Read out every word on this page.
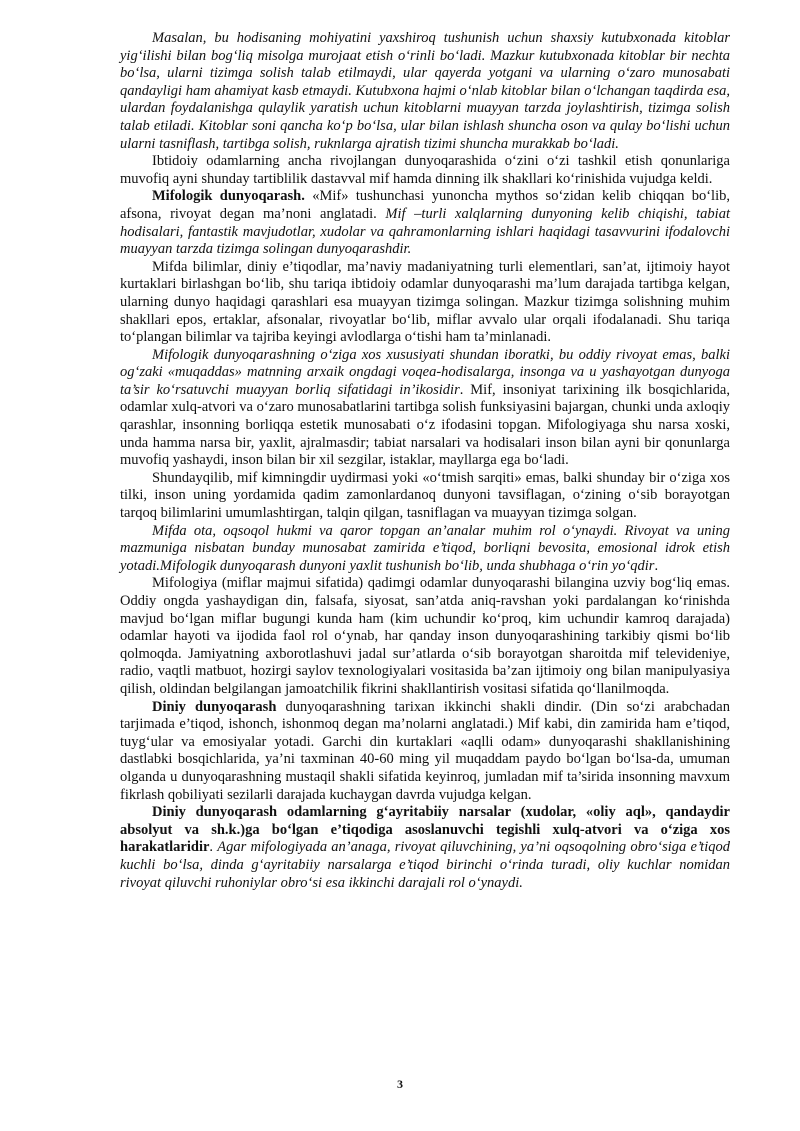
Masalan, bu hodisaning mohiyatini yaxshiroq tushunish uchun shaxsiy kutubxonada kitoblar yig‘ilishi bilan bog‘liq misolga murojaat etish o‘rinli bo‘ladi. Mazkur kutubxonada kitoblar bir nechta bo‘lsa, ularni tizimga solish talab etilmaydi, ular qayerda yotgani va ularning o‘zaro munosabati qandayligi ham ahamiyat kasb etmaydi. Kutubxona hajmi o‘nlab kitoblar bilan o‘lchangan taqdirda esa, ulardan foydalanishga qulaylik yaratish uchun kitoblarni muayyan tarzda joylashtirish, tizimga solish talab etiladi. Kitoblar soni qancha ko‘p bo‘lsa, ular bilan ishlash shuncha oson va qulay bo‘lishi uchun ularni tasniflash, tartibga solish, ruknlarga ajratish tizimi shuncha murakkab bo‘ladi.

Ibtidoiy odamlarning ancha rivojlangan dunyoqarashida o‘zini o‘zi tashkil etish qonunlariga muvofiq ayni shunday tartiblilik dastavval mif hamda dinning ilk shakllari ko‘rinishida vujudga keldi.

Mifologik dunyoqarash. «Mif» tushunchasi yunoncha mythos so‘zidan kelib chiqqan bo‘lib, afsona, rivoyat degan ma’noni anglatadi. Mif –turli xalqlarning dunyoning kelib chiqishi, tabiat hodisalari, fantastik mavjudotlar, xudolar va qahramonlarning ishlari haqidagi tasavvurini ifodalovchi muayyan tarzda tizimga solingan dunyoqarashdir.

Mifda bilimlar, diniy e’tiqodlar, ma’naviy madaniyatning turli elementlari, san’at, ijtimoiy hayot kurtaklari birlashgan bo‘lib, shu tariqa ibtidoiy odamlar dunyoqarashi ma’lum darajada tartibga kelgan, ularning dunyo haqidagi qarashlari esa muayyan tizimga solingan. Mazkur tizimga solishning muhim shakllari epos, ertaklar, afsonalar, rivoyatlar bo‘lib, miflar avvalo ular orqali ifodalanadi. Shu tariqa to‘plangan bilimlar va tajriba keyingi avlodlarga o‘tishi ham ta’minlanadi.

Mifologik dunyoqarashning o‘ziga xos xususiyati shundan iboratki, bu oddiy rivoyat emas, balki og‘zaki «muqaddas» matnning arxaik ongdagi voqea-hodisalarga, insonga va u yashayotgan dunyoga ta’sir ko‘rsatuvchi muayyan borliq sifatidagi in’ikosidir. Mif, insoniyat tarixining ilk bosqichlarida, odamlar xulq-atvori va o‘zaro munosabatlarini tartibga solish funksiyasini bajargan, chunki unda axloqiy qarashlar, insonning borliqqa estetik munosabati o‘z ifodasini topgan. Mifologiyaga shu narsa xoski, unda hamma narsa bir, yaxlit, ajralmasdir; tabiat narsalari va hodisalari inson bilan ayni bir qonunlarga muvofiq yashaydi, inson bilan bir xil sezgilar, istaklar, mayllarga ega bo‘ladi.

Shundayqilib, mif kimningdir uydirmasi yoki «o‘tmish sarqiti» emas, balki shunday bir o‘ziga xos tilki, inson uning yordamida qadim zamonlardanoq dunyoni tavsiflagan, o‘zining o‘sib borayotgan tarqoq bilimlarini umumlashtirgan, talqin qilgan, tasniflagan va muayyan tizimga solgan.

Mifda ota, oqsoqol hukmi va qaror topgan an’analar muhim rol o‘ynaydi. Rivoyat va uning mazmuniga nisbatan bunday munosabat zamirida e’tiqod, borliqni bevosita, emosional idrok etish yotadi.Mifologik dunyoqarash dunyoni yaxlit tushunish bo‘lib, unda shubhaga o‘rin yo‘qdir.

Mifologiya (miflar majmui sifatida) qadimgi odamlar dunyoqarashi bilangina uzviy bog‘liq emas. Oddiy ongda yashaydigan din, falsafa, siyosat, san’atda aniq-ravshan yoki pardalangan ko‘rinishda mavjud bo‘lgan miflar bugungi kunda ham (kim uchundir ko‘proq, kim uchundir kamroq darajada) odamlar hayoti va ijodida faol rol o‘ynab, har qanday inson dunyoqarashining tarkibiy qismi bo‘lib qolmoqda. Jamiyatning axborotlashuvi jadal sur’atlarda o‘sib borayotgan sharoitda mif televideniye, radio, vaqtli matbuot, hozirgi saylov texnologiyalari vositasida ba’zan ijtimoiy ong bilan manipulyasiya qilish, oldindan belgilangan jamoatchilik fikrini shakllantirish vositasi sifatida qo‘llanilmoqda.

Diniy dunyoqarash dunyoqarashning tarixan ikkinchi shakli dindir. (Din so‘zi arabchadan tarjimada e’tiqod, ishonch, ishonmoq degan ma’nolarni anglatadi.) Mif kabi, din zamirida ham e’tiqod, tuyg‘ular va emosiyalar yotadi. Garchi din kurtaklari «aqlli odam» dunyoqarashi shakllanishining dastlabki bosqichlarida, ya’ni taxminan 40-60 ming yil muqaddam paydo bo‘lgan bo‘lsa-da, umuman olganda u dunyoqarashning mustaqil shakli sifatida keyinroq, jumladan mif ta’sirida insonning mavxum fikrlash qobiliyati sezilarli darajada kuchaygan davrda vujudga kelgan.

Diniy dunyoqarash odamlarning g‘ayritabiiy narsalar (xudolar, «oliy aql», qandaydir absolyut va sh.k.)ga bo‘lgan e’tiqodiga asoslanuvchi tegishli xulq-atvori va o‘ziga xos harakatlaridir. Agar mifologiyada an’anaga, rivoyat qiluvchining, ya’ni oqsoqolning obro‘siga e’tiqod kuchli bo‘lsa, dinda g‘ayritabiiy narsalarga e’tiqod birinchi o‘rinda turadi, oliy kuchlar nomidan rivoyat qiluvchi ruhoniylar obro‘si esa ikkinchi darajali rol o‘ynaydi.

3
